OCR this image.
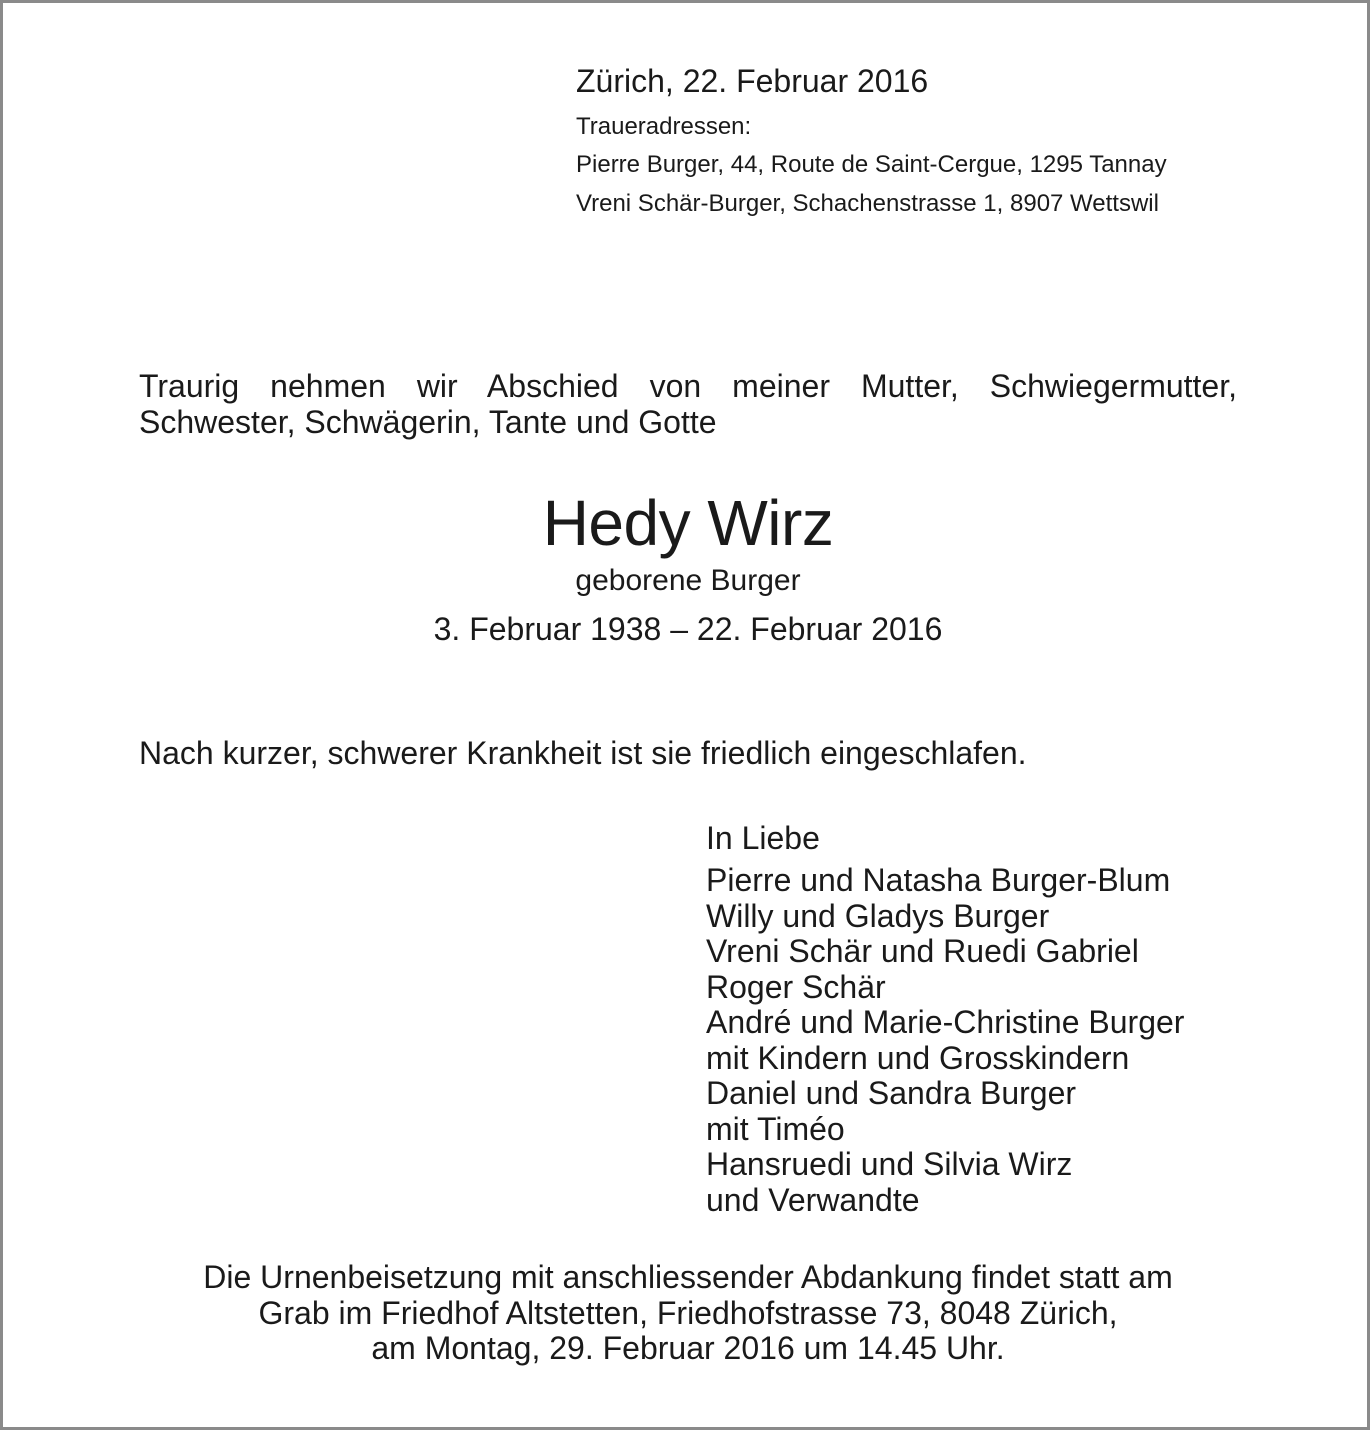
Zürich, 22. Februar 2016
Traueradressen:
Pierre Burger, 44, Route de Saint-Cergue, 1295 Tannay
Vreni Schär-Burger, Schachenstrasse 1, 8907 Wettswil
Traurig nehmen wir Abschied von meiner Mutter, Schwiegermutter,
Schwester, Schwägerin, Tante und Gotte
Hedy Wirz
geborene Burger
3. Februar 1938 – 22. Februar 2016
Nach kurzer, schwerer Krankheit ist sie friedlich eingeschlafen.
In Liebe
Pierre und Natasha Burger-Blum
Willy und Gladys Burger
Vreni Schär und Ruedi Gabriel
Roger Schär
André und Marie-Christine Burger
mit Kindern und Grosskindern
Daniel und Sandra Burger
mit Timéo
Hansruedi und Silvia Wirz
und Verwandte
Die Urnenbeisetzung mit anschliessender Abdankung findet statt am
Grab im Friedhof Altstetten, Friedhofstrasse 73, 8048 Zürich,
am Montag, 29. Februar 2016 um 14.45 Uhr.
